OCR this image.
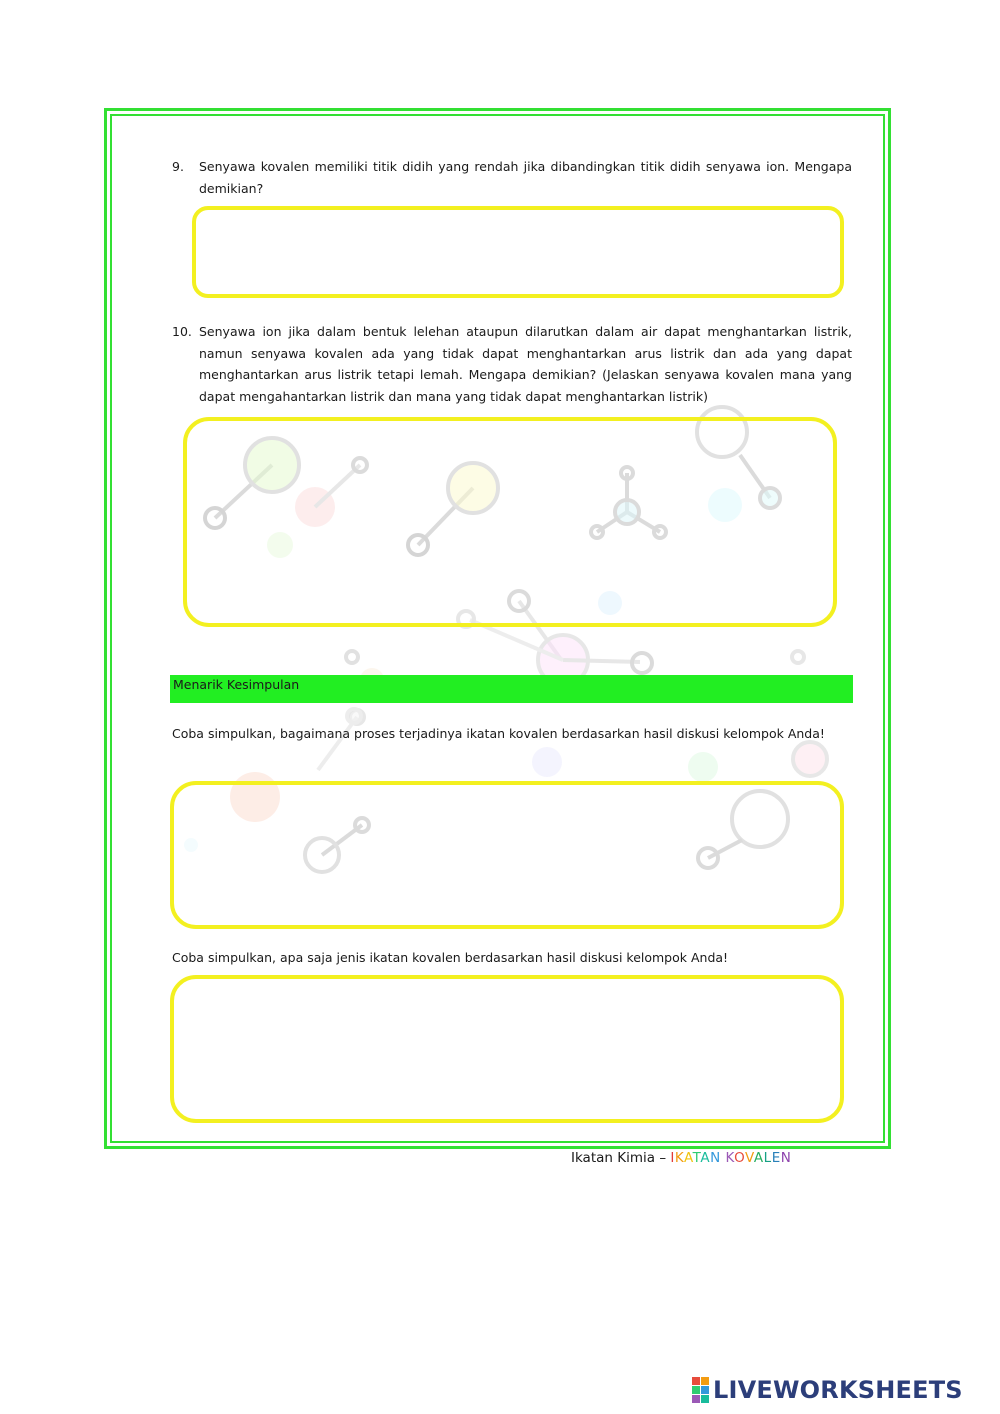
9. Senyawa kovalen memiliki titik didih yang rendah jika dibandingkan titik didih senyawa ion. Mengapa demikian?
10. Senyawa ion jika dalam bentuk lelehan ataupun dilarutkan dalam air dapat menghantarkan listrik, namun senyawa kovalen ada yang tidak dapat menghantarkan arus listrik dan ada yang dapat menghantarkan arus listrik tetapi lemah. Mengapa demikian? (Jelaskan senyawa kovalen mana yang dapat mengahantarkan listrik dan mana yang tidak dapat menghantarkan listrik)
Menarik Kesimpulan
Coba simpulkan, bagaimana proses terjadinya ikatan kovalen berdasarkan hasil diskusi kelompok Anda!
Coba simpulkan, apa saja jenis ikatan kovalen berdasarkan hasil diskusi kelompok Anda!
Ikatan Kimia – IKATAN KOVALEN
LIVEWORKSHEETS
